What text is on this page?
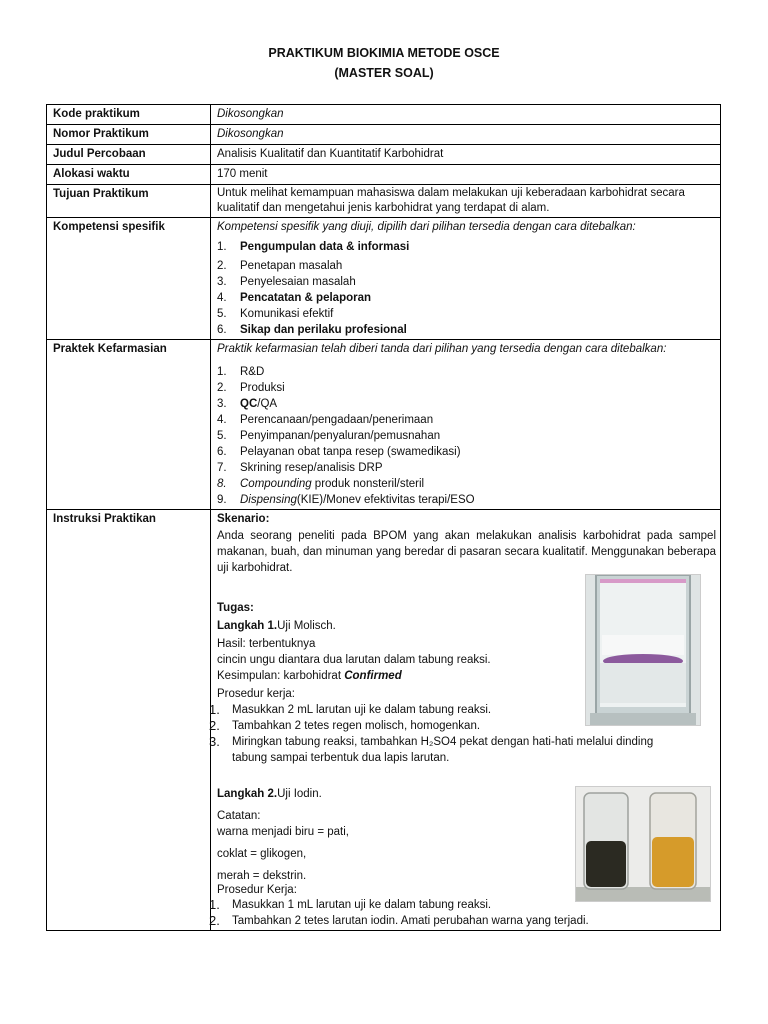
PRAKTIKUM BIOKIMIA METODE OSCE
(MASTER SOAL)
Kode praktikum	Dikosongkan
Nomor Praktikum	Dikosongkan
Judul Percobaan	Analisis Kualitatif dan Kuantitatif Karbohidrat
Alokasi waktu	170 menit
Tujuan Praktikum	Untuk melihat kemampuan mahasiswa dalam melakukan uji keberadaan karbohidrat secara kualitatif dan mengetahui jenis karbohidrat yang terdapat di alam.
Kompetensi spesifik	Kompetensi spesifik yang diuji, dipilih dari pilihan tersedia dengan cara ditebalkan:
1.	Pengumpulan data & informasi
2.	Penetapan masalah
3.	Penyelesaian masalah
4.	Pencatatan & pelaporan
5.	Komunikasi efektif
6.	Sikap dan perilaku profesional
Praktek Kefarmasian	Praktik kefarmasian telah diberi tanda dari pilihan yang tersedia dengan cara ditebalkan:
1.	R&D
2.	Produksi
3.	QC/QA
4.	Perencanaan/pengadaan/penerimaan
5.	Penyimpanan/penyaluran/pemusnahan
6.	Pelayanan obat tanpa resep (swamedikasi)
7.	Skrining resep/analisis DRP
8.	Compounding produk nonsteril/steril
9.	Dispensing(KIE)/Monev efektivitas terapi/ESO
Instruksi Praktikan	Skenario:
Anda seorang peneliti pada BPOM yang akan melakukan analisis karbohidrat pada sampel makanan, buah, dan minuman yang beredar di pasaran secara kualitatif. Menggunakan beberapa uji karbohidrat.
Tugas:
Langkah 1.Uji Molisch.
Hasil: terbentuknya
cincin ungu diantara dua larutan dalam tabung reaksi.
Kesimpulan: karbohidrat Confirmed
Prosedur kerja:
1.	Masukkan 2 mL larutan uji ke dalam tabung reaksi.
2.	Tambahkan 2 tetes regen molisch, homogenkan.
3.	Miringkan tabung reaksi, tambahkan H₂SO4 pekat dengan hati-hati melalui dinding tabung sampai terbentuk dua lapis larutan.
Langkah 2.Uji Iodin.
Catatan:
warna menjadi biru = pati,
coklat = glikogen,
merah = dekstrin.
Prosedur Kerja:
1.	Masukkan 1 mL larutan uji ke dalam tabung reaksi.
2.	Tambahkan 2 tetes larutan iodin. Amati perubahan warna yang terjadi.
